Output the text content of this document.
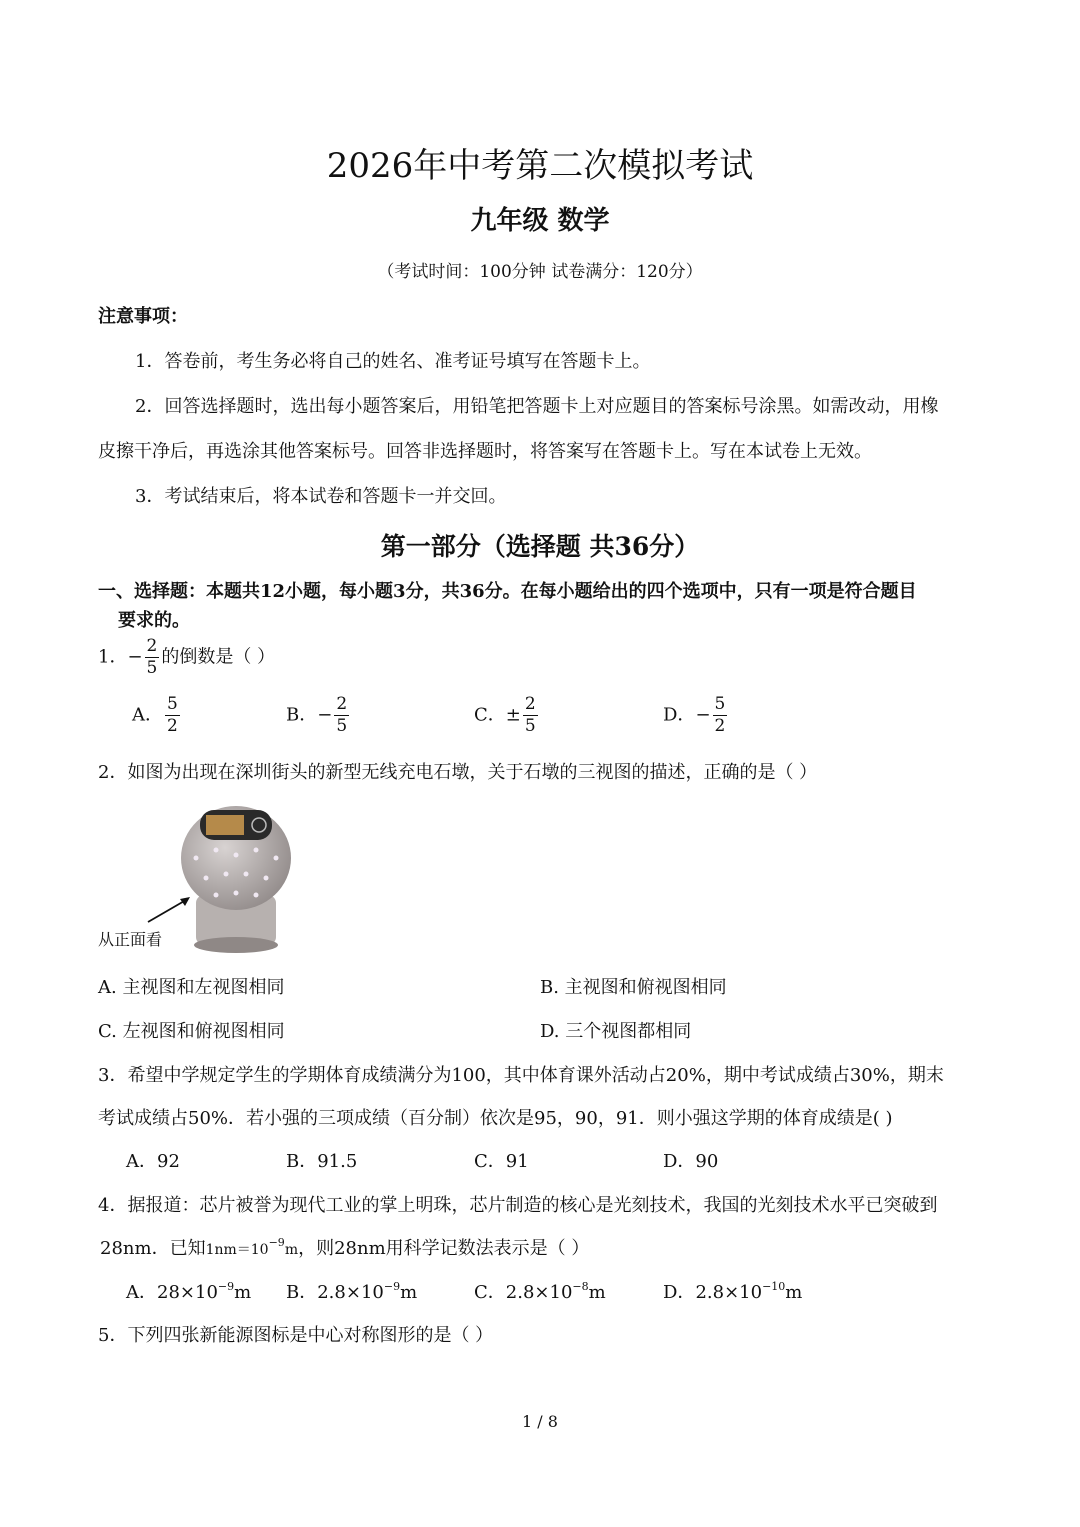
2026年中考第二次模拟考试
九年级 数学
（考试时间：100分钟 试卷满分：120分）
注意事项：
1．答卷前，考生务必将自己的姓名、准考证号填写在答题卡上。
2．回答选择题时，选出每小题答案后，用铅笔把答题卡上对应题目的答案标号涂黑。如需改动，用橡
皮擦干净后，再选涂其他答案标号。回答非选择题时，将答案写在答题卡上。写在本试卷上无效。
3．考试结束后，将本试卷和答题卡一并交回。
第一部分（选择题 共36分）
一、选择题：本题共12小题，每小题3分，共36分。在每小题给出的四个选项中，只有一项是符合题目
要求的。
1．− $\frac{2}{5}$ 的倒数是（ ）
A． $\frac{5}{2}$	B．− $\frac{2}{5}$	C．± $\frac{2}{5}$	D．− $\frac{5}{2}$
2．如图为出现在深圳街头的新型无线充电石墩，关于石墩的三视图的描述，正确的是（ ）
从正面看
A. 主视图和左视图相同	B. 主视图和俯视图相同
C. 左视图和俯视图相同	D. 三个视图都相同
3．希望中学规定学生的学期体育成绩满分为100，其中体育课外活动占20%，期中考试成绩占30%，期末
考试成绩占50%．若小强的三项成绩（百分制）依次是95，90，91．则小强这学期的体育成绩是( )
A．92	B．91.5	C．91	D．90
4．据报道：芯片被誉为现代工业的掌上明珠，芯片制造的核心是光刻技术，我国的光刻技术水平已突破到
28nm．已知$1nm=10^{-9}m$，则28nm用科学记数法表示是（ ）
A．$28\times 10^{-9}m$ B．$2.8\times 10^{-9}m$	C．$2.8\times 10^{-8}m$	D．$2.8\times 10^{-10}m$
5．下列四张新能源图标是中心对称图形的是（ ）
1 / 8
